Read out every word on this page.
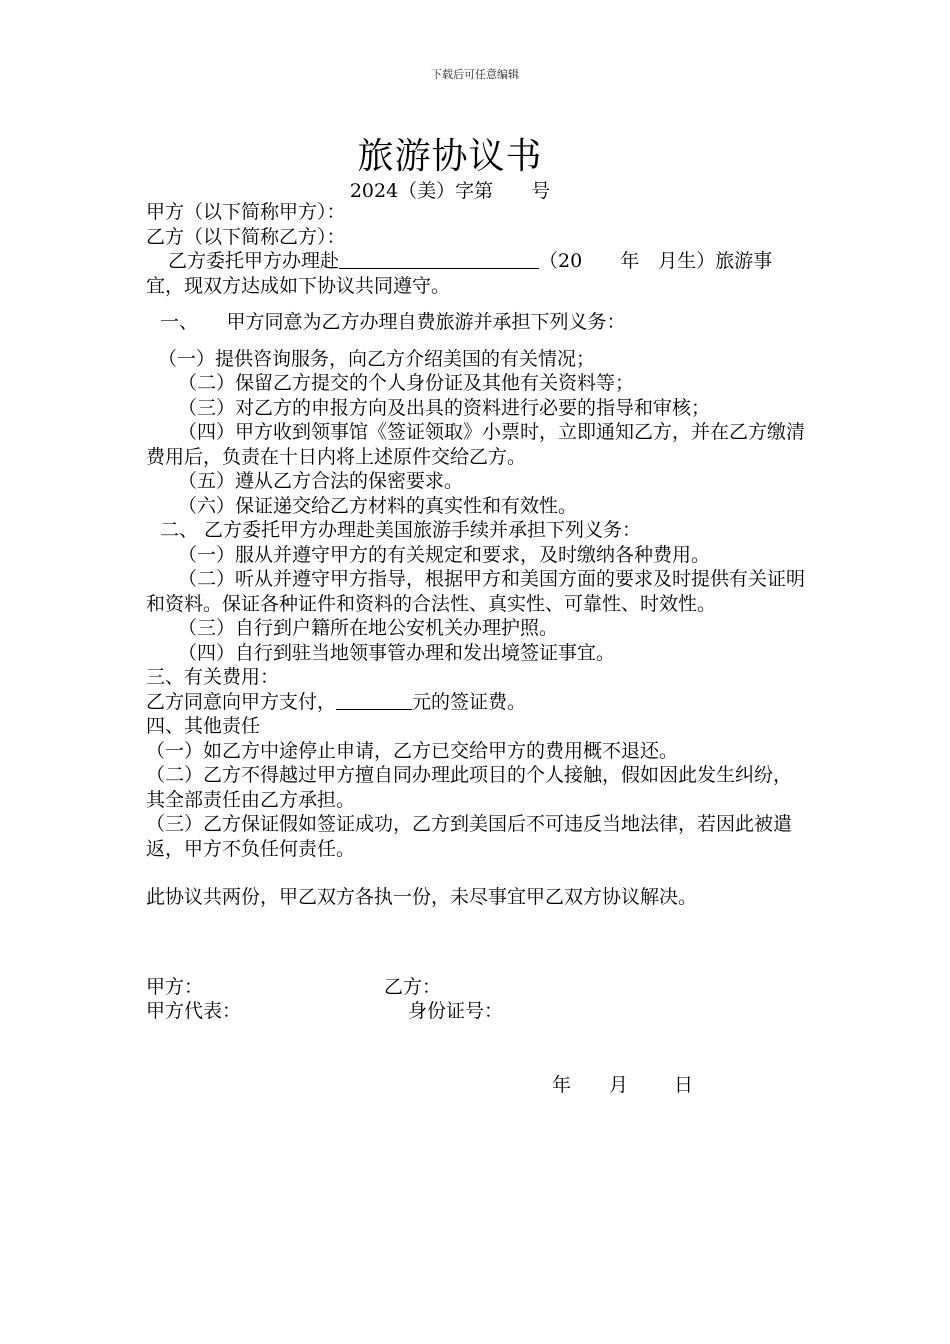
下载后可任意编辑
旅游协议书
2024（美）字第　　号

甲方（以下简称甲方）：

乙方（以下简称乙方）：

乙方委托甲方办理赴	（20　　年　月生）旅游事宜，现双方达成如下协议共同遵守。

一、　　甲方同意为乙方办理自费旅游并承担下列义务：

（一）提供咨询服务，向乙方介绍美国的有关情况；

（二）保留乙方提交的个人身份证及其他有关资料等；

（三）对乙方的申报方向及出具的资料进行必要的指导和审核；

（四）甲方收到领事馆《签证领取》小票时，立即通知乙方，并在乙方缴清费用后，负责在十日内将上述原件交给乙方。

（五）遵从乙方合法的保密要求。

（六）保证递交给乙方材料的真实性和有效性。

二、 乙方委托甲方办理赴美国旅游手续并承担下列义务：

（一）服从并遵守甲方的有关规定和要求，及时缴纳各种费用。

（二）听从并遵守甲方指导，根据甲方和美国方面的要求及时提供有关证明和资料。保证各种证件和资料的合法性、真实性、可靠性、时效性。

（三）自行到户籍所在地公安机关办理护照。

（四）自行到驻当地领事管办理和发出境签证事宜。

三、有关费用：

乙方同意向甲方支付，	元的签证费。

四、其他责任

（一）如乙方中途停止申请，乙方已交给甲方的费用概不退还。

（二）乙方不得越过甲方擅自同办理此项目的个人接触，假如因此发生纠纷，其全部责任由乙方承担。

（三）乙方保证假如签证成功，乙方到美国后不可违反当地法律，若因此被遣返，甲方不负任何责任。

此协议共两份，甲乙双方各执一份，未尽事宜甲乙双方协议解决。

甲方：	乙方：
甲方代表：	身份证号：
年 月 日
